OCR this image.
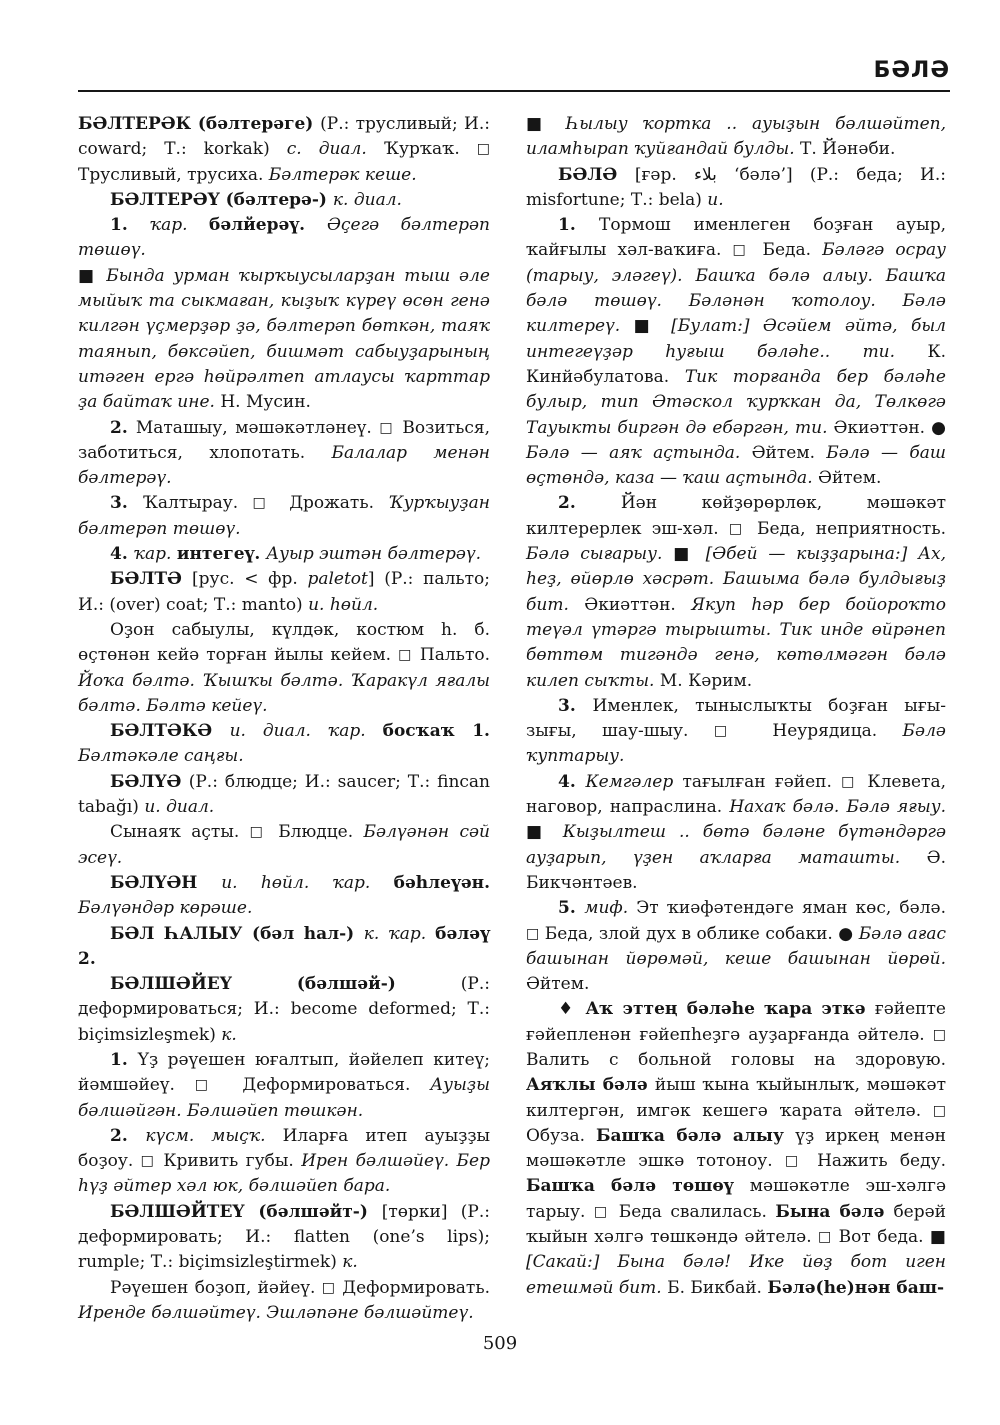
БӘЛӘ

БӘЛТЕРӘК (бәлтерәге) (Р.: трусливый; И.: coward; Т.: korkak) с. диал. Ҡурҡаҡ. □ Трусливый, трусиха. Бәлтерәк кеше.

БӘЛТЕРӘҮ (бәлтерә-) к. диал.

1. ҡар. бәлйерәү. Әҫегә бәлтерәп төшөү.

■ Бында урман ҡырҡыусыларҙан тыш әле мыйыҡ та сыкмаған, кыҙыҡ күреү өсөн генә килгән үҫмерҙәр ҙә, бәлтерәп бөткән, таяҡ таянып, бөксәйеп, бишмәт сабыуҙарының итәген ергә һөйрәлтеп атлаусы ҡарттар ҙа байтаҡ ине. Н. Мусин.

2. Маташыу, мәшәкәтләнеү. □ Возиться, заботиться, хлопотать. Балалар менән бәлтерәү.

3. Ҡалтырау. □ Дрожать. Ҡурҡыуҙан бәлтерәп төшөү.

4. ҡар. интегеү. Ауыр эштән бәлтерәү.

БӘЛТӘ [рус. < фр. paletot] (Р.: пальто; И.: (over) coat; Т.: manto) и. һөйл.

Оҙон сабыулы, күлдәк, костюм һ. б. өҫтөнән кейә торған йылы кейем. □ Пальто. Йоҡа бәлтә. Ҡышҡы бәлтә. Ҡаракүл яғалы бәлтә. Бәлтә кейеү.

БӘЛТӘКӘ и. диал. ҡар. босҡаҡ 1. Бәлтәкәле саңғы.

БӘЛҮӘ (Р.: блюдце; И.: saucer; Т.: fincan tabağı) и. диал.

Сынаяҡ аҫты. □ Блюдце. Бәлүәнән сәй эсеү.

БӘЛҮӘН и. һөйл. ҡар. бәһлеүән. Бәлүәндәр көрәше.

БӘЛ ҺАЛЫУ (бәл һал-) к. ҡар. бәләү 2.

БӘЛШӘЙЕҮ (бәлшәй-) (Р.: деформироваться; И.: become deformed; Т.: biçimsizleşmek) к.

1. Үҙ рәүешен юғалтып, йәйелеп китеү; йәмшәйеү. □ Деформироваться. Ауыҙы бәлшәйгән. Бәлшәйеп төшкән.

2. күсм. мыҫҡ. Иларға итеп ауыҙҙы боҙоу. □ Кривить губы. Ирен бәлшәйеү. Бер һүҙ әйтер хәл юк, бәлшәйеп бара.

БӘЛШӘЙТЕҮ (бәлшәйт-) [төрки] (Р.: деформировать; И.: flatten (one’s lips); rumple; Т.: biçimsizleştirmek) к.

Рәүешен боҙоп, йәйеү. □ Деформировать. Иренде бәлшәйтеү. Эшләпәне бәлшәйтеү.

■ Һылыу ҡортка .. ауыҙын бәлшәйтеп, иламһырап ҡуйғандай булды. Т. Йәнәби.

БӘЛӘ [ғәр. بلاء ‘бәлә’] (Р.: беда; И.: misfortune; Т.: bela) и.

1. Тормош именлеген боҙған ауыр, ҡайғылы хәл-ваҡиға. □ Беда. Бәләгә осрау (тарыу, эләгеү). Башҡа бәлә алыу. Башҡа бәлә төшөү. Бәләнән ҡотолоу. Бәлә килтереү. ■ [Булат:] Әсәйем әйтә, был интегеүҙәр һуғыш бәләһе.. ти. К. Кинйәбулатова. Тик торғанда бер бәләһе булыр, тип Әтәскол ҡурҡкан да, Төлкөгә Тауыкты биргән дә ебәргән, ти. Әкиәттән. ● Бәлә — аяҡ аҫтында. Әйтем. Бәлә — баш өҫтөндә, каза — ҡаш аҫтында. Әйтем.

2. Йән көйҙөрөрлөк, мәшәкәт килтерерлек эш-хәл. □ Беда, неприятность. Бәлә сығарыу. ■ [Әбей — кыҙҙарына:] Ах, һеҙ, өйөрлө хәсрәт. Башыма бәлә булдығыҙ бит. Әкиәттән. Якуп һәр бер бойороҡто теүәл үтәргә тырышты. Тик инде өйрәнеп бөттөм тигәндә генә, көтөлмәгән бәлә килеп сыҡты. М. Кәрим.

3. Именлек, тыныслыҡты боҙған ығы-зығы, шау-шыу. □ Неурядица. Бәлә ҡуптарыу.

4. Кемгәлер тағылған ғәйеп. □ Клевета, наговор, напраслина. Нахаҡ бәлә. Бәлә яғыу. ■ Кыҙылтеш .. бөтә бәләне бүтәндәргә ауҙарып, үҙен аҡларға маташты. Ә. Бикчәнтәев.

5. миф. Эт ҡиәфәтендәге яман көс, бәлә. □ Беда, злой дух в облике собаки. ● Бәлә ағас башынан йөрөмәй, кеше башынан йөрөй. Әйтем.

♦ Аҡ эттең бәләһе ҡара эткә ғәйепте ғәйепленән ғәйепһеҙгә ауҙарғанда әйтелә. □ Валить с больной головы на здоровую. Аяҡлы бәлә йыш ҡына ҡыйынлыҡ, мәшәкәт килтергән, имгәк кешегә ҡарата әйтелә. □ Обуза. Башҡа бәлә алыу үҙ иркең менән мәшәкәтле эшкә тотоноу. □ Нажить беду. Башҡа бәлә төшөү мәшәкәтле эш-хәлгә тарыу. □ Беда свалилась. Бына бәлә берәй ҡыйын хәлгә төшкәндә әйтелә. □ Вот беда. ■ [Сакай:] Бына бәлә! Ике йөҙ бот иген етешмәй бит. Б. Бикбай. Бәлә(һе)нән баш-

509
